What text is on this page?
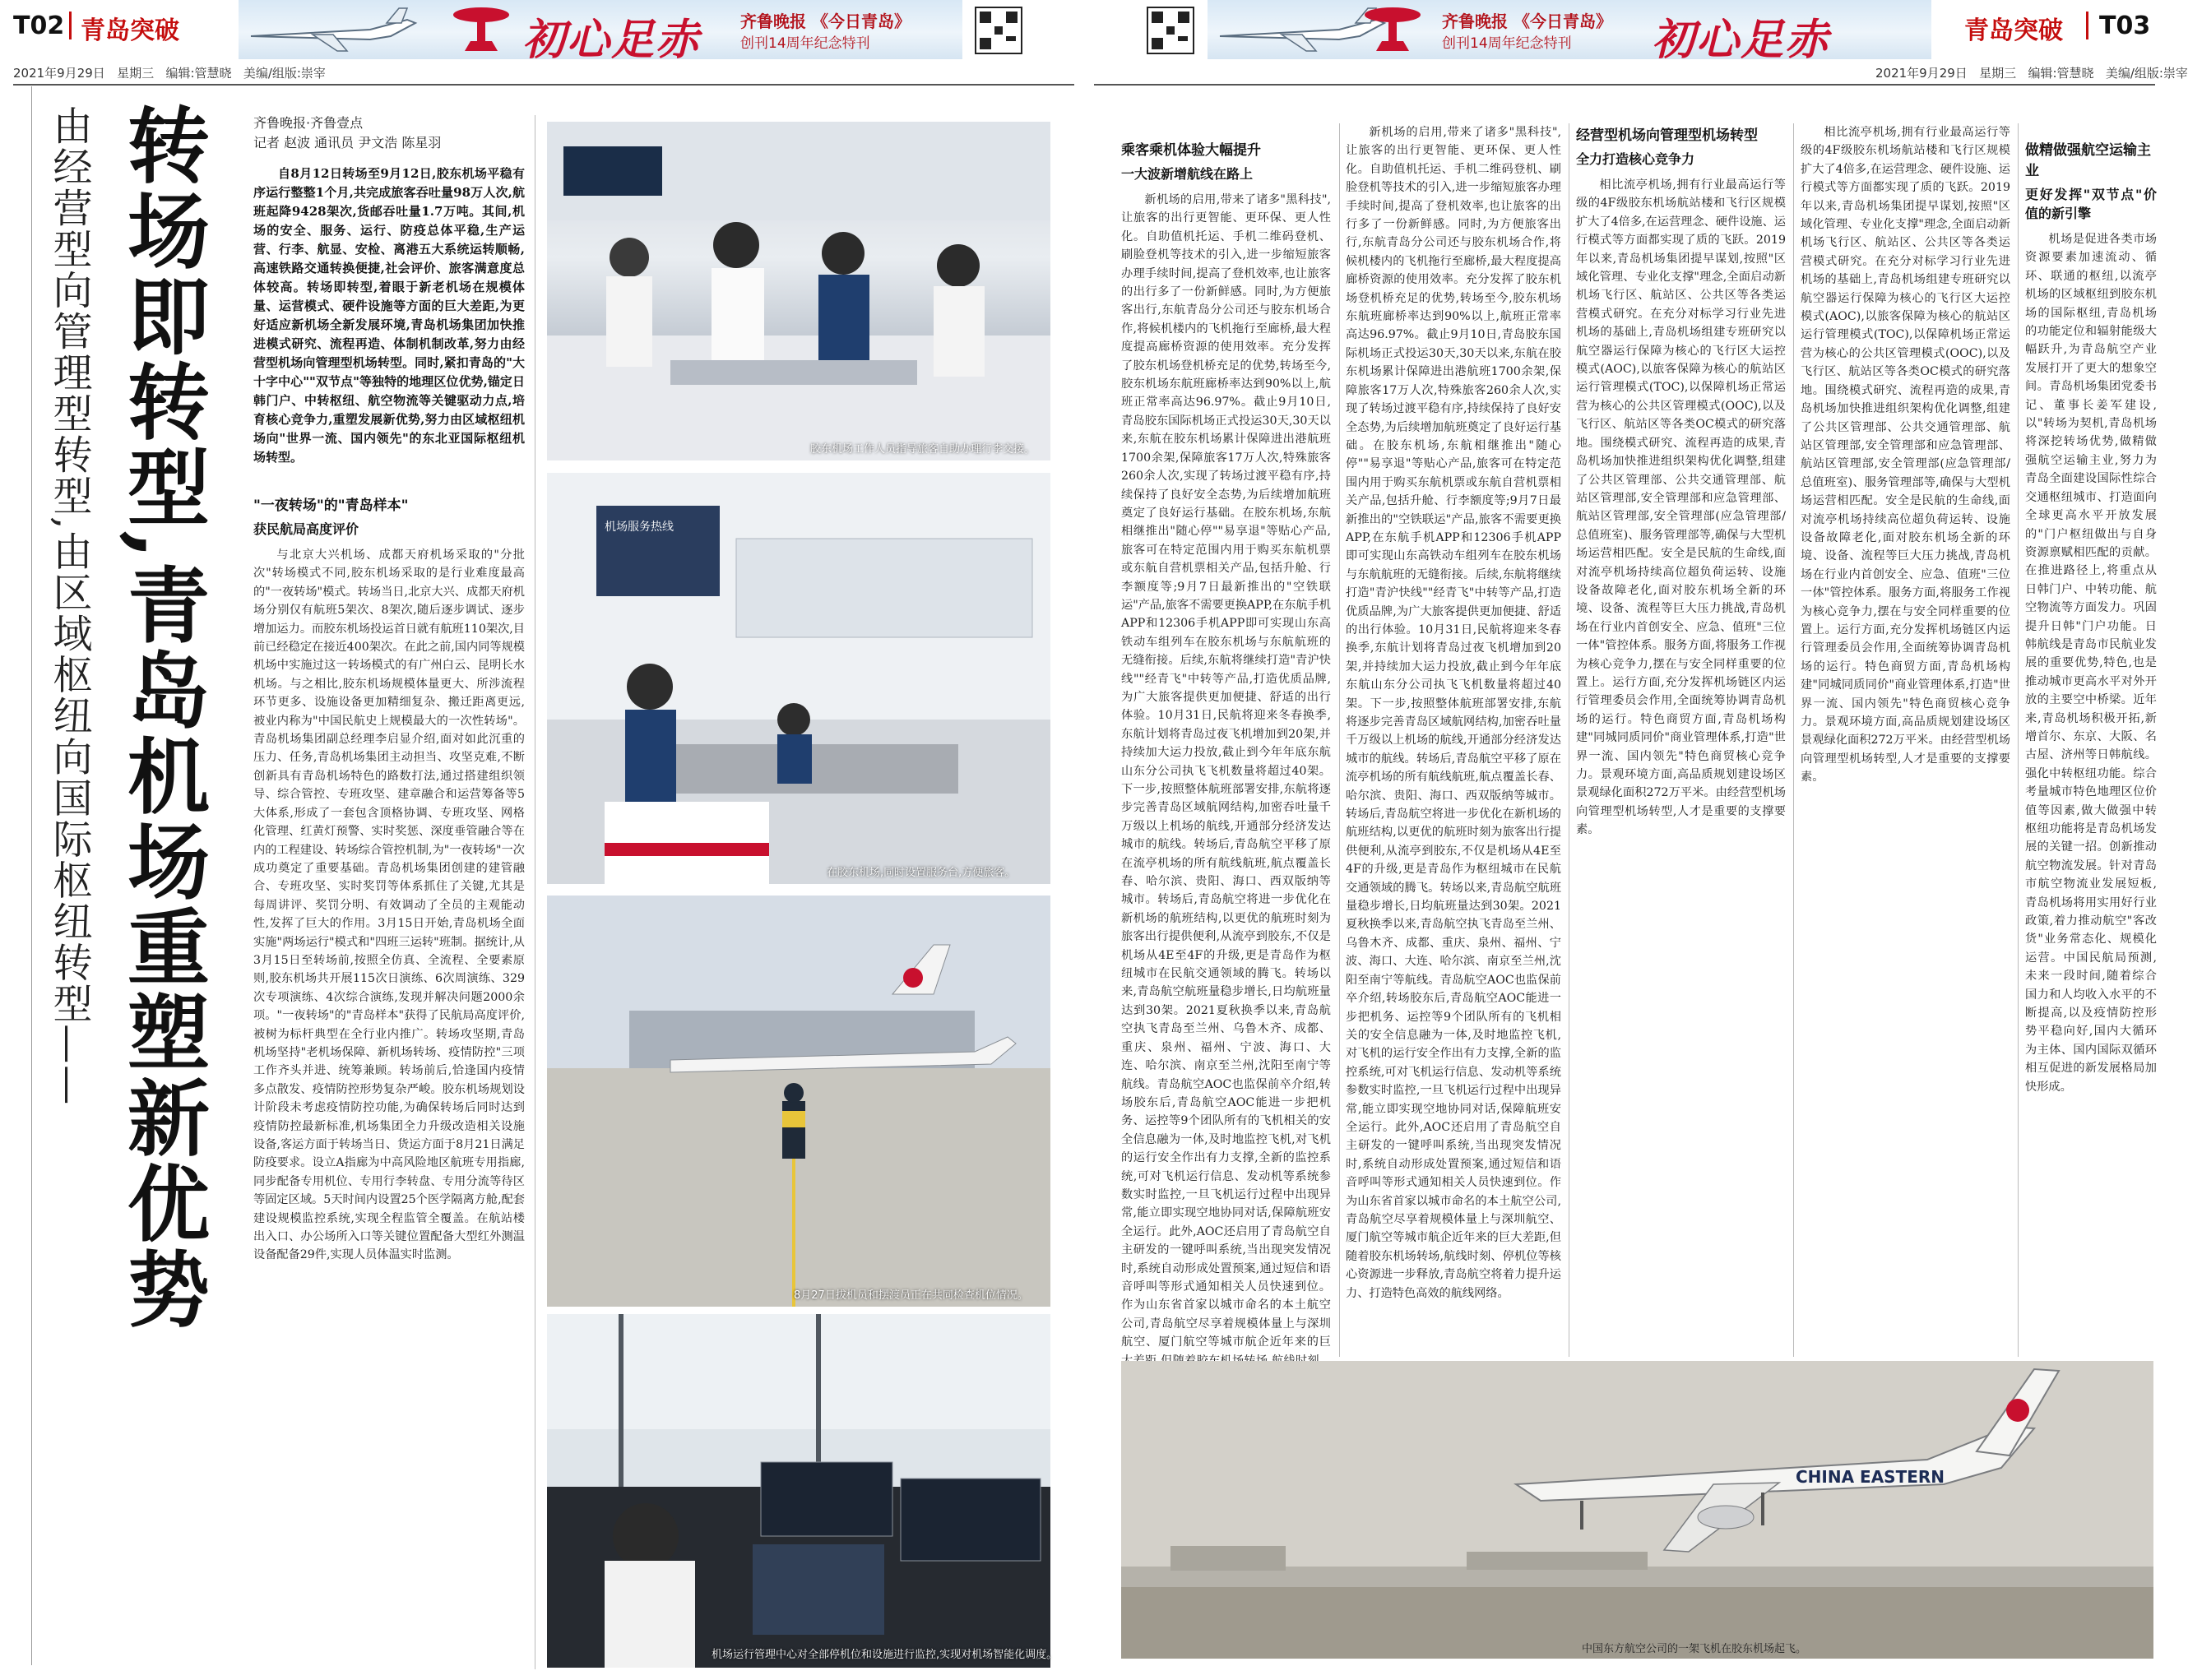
T02 青岛突破	初心足赤 齐鲁晚报 《今日青岛》
创刊14周年纪念特刊
2021年9月29日 星期三 编辑:管慧晓 美编/组版:崇宰
齐鲁晚报 《今日青岛》
创刊14周年纪念特刊 初心足赤	青岛突破 T03
2021年9月29日 星期三 编辑:管慧晓 美编/组版:崇宰
由经营型向管理型转型,由区域枢纽向国际枢纽转型—— 转场即转型,青岛机场重塑新优势	齐鲁晚报·齐鲁壹点
记者 赵波 通讯员 尹文浩 陈星羽

自8月12日转场至9月12日,胶东机场平稳有序运行整整1个月,共完成旅客吞吐量98万人次,航班起降9428架次,货邮吞吐量1.7万吨。其间,机场的安全、服务、运行、防疫总体平稳,生产运营、行李、航显、安检、离港五大系统运转顺畅,高速铁路交通转换便捷,社会评价、旅客满意度总体较高。转场即转型,着眼于新老机场在规模体量、运营模式、硬件设施等方面的巨大差距,为更好适应新机场全新发展环境,青岛机场集团加快推进模式研究、流程再造、体制机制改革,努力由经营型机场向管理型机场转型。同时,紧扣青岛的"大十字中心""双节点"等独特的地理区位优势,锚定日韩门户、中转枢纽、航空物流等关键驱动力点,培育核心竞争力,重塑发展新优势,努力由区域枢纽机场向"世界一流、国内领先"的东北亚国际枢纽机场转型。

"一夜转场"的"青岛样本"
获民航局高度评价

与北京大兴机场、成都天府机场采取的"分批次"转场模式不同,胶东机场采取的是行业难度最高的"一夜转场"模式。转场当日,北京大兴、成都天府机场分别仅有航班5架次、8架次,随后逐步调试、逐步增加运力。而胶东机场投运首日就有航班110架次,目前已经稳定在接近400架次。在此之前,国内同等规模机场中实施过这一转场模式的有广州白云、昆明长水机场。与之相比,胶东机场规模体量更大、所涉流程环节更多、设施设备更加精细复杂、搬迁距离更远,被业内称为"中国民航史上规模最大的一次性转场"。青岛机场集团副总经理李启显介绍,面对如此沉重的压力、任务,青岛机场集团主动担当、攻坚克难,不断创新具有青岛机场特色的路数打法,通过搭建组织领导、综合管控、专班攻坚、建章融合和运营筹备等5大体系,形成了一套包含顶格协调、专班攻坚、网格化管理、红黄灯预警、实时奖惩、深度垂管融合等在内的工程建设、转场综合管控机制,为"一夜转场"一次成功奠定了重要基础。青岛机场集团创建的建管融合、专班攻坚、实时奖罚等体系抓住了关键,尤其是每周讲评、奖罚分明、有效调动了全员的主观能动性,发挥了巨大的作用。3月15日开始,青岛机场全面实施"两场运行"模式和"四班三运转"班制。据统计,从3月15日至转场前,按照全仿真、全流程、全要素原则,胶东机场共开展115次日演练、6次周演练、329次专项演练、4次综合演练,发现并解决问题2000余项。"一夜转场"的"青岛样本"获得了民航局高度评价,被树为标杆典型在全行业内推广。转场攻坚期,青岛机场坚持"老机场保障、新机场转场、疫情防控"三项工作齐头并进、统筹兼顾。转场前后,恰逢国内疫情多点散发、疫情防控形势复杂严峻。胶东机场规划设计阶段未考虑疫情防控功能,为确保转场后同时达到疫情防控最新标准,机场集团全力升级改造相关设施设备,客运方面于转场当日、货运方面于8月21日满足防疫要求。设立A指廊为中高风险地区航班专用指廊,同步配备专用机位、专用行李转盘、专用分流等待区等固定区域。5天时间内设置25个医学隔离方舱,配套建设规模监控系统,实现全程监管全覆盖。在航站楼出入口、办公场所入口等关键位置配备大型红外测温设备配备29件,实现人员体温实时监测。

胶东机场工作人员指导旅客自助办理行李交接。
机场服务热线
在胶东机场,同时设置服务台,方便旅客。
8月27日拔机员和摆渡员正在共同检查机位情况。
机场运行管理中心对全部停机位和设施进行监控,实现对机场智能化调度。
乘客乘机体验大幅提升
一大波新增航线在路上

新机场的启用,带来了诸多"黑科技",让旅客的出行更智能、更环保、更人性化。自助值机托运、手机二维码登机、刷脸登机等技术的引入,进一步缩短旅客办理手续时间,提高了登机效率,也让旅客的出行多了一份新鲜感。同时,为方便旅客出行,东航青岛分公司还与胶东机场合作,将候机楼内的飞机拖行至廊桥,最大程度提高廊桥资源的使用效率。充分发挥了胶东机场登机桥充足的优势,转场至今,胶东机场东航班廊桥率达到90%以上,航班正常率高达96.97%。截止9月10日,青岛胶东国际机场正式投运30天,30天以来,东航在胶东机场累计保障进出港航班1700余架,保障旅客17万人次,特殊旅客260余人次,实现了转场过渡平稳有序,持续保持了良好安全态势,为后续增加航班奠定了良好运行基础。在胶东机场,东航相继推出"随心停""易享退"等贴心产品,旅客可在特定范围内用于购买东航机票或东航自营机票相关产品,包括升舱、行李额度等;9月7日最新推出的"空铁联运"产品,旅客不需要更换APP,在东航手机APP和12306手机APP即可实现山东高铁动车组列车在胶东机场与东航航班的无缝衔接。后续,东航将继续打造"青沪快线""经青飞"中转等产品,打造优质品牌,为广大旅客提供更加便捷、舒适的出行体验。10月31日,民航将迎来冬春换季,东航计划将青岛过夜飞机增加到20架,并持续加大运力投放,截止到今年年底东航山东分公司执飞飞机数量将超过40架。下一步,按照整体航班部署安排,东航将逐步完善青岛区域航网结构,加密吞吐量千万级以上机场的航线,开通部分经济发达城市的航线。转场后,青岛航空平移了原在流亭机场的所有航线航班,航点覆盖长春、哈尔滨、贵阳、海口、西双版纳等城市。转场后,青岛航空将进一步优化在新机场的航班结构,以更优的航班时刻为旅客出行提供便利,从流亭到胶东,不仅是机场从4E至4F的升级,更是青岛作为枢纽城市在民航交通领域的腾飞。转场以来,青岛航空航班量稳步增长,日均航班量达到30架。2021夏秋换季以来,青岛航空执飞青岛至兰州、乌鲁木齐、成都、重庆、泉州、福州、宁波、海口、大连、哈尔滨、南京至兰州,沈阳至南宁等航线。青岛航空AOC也监保前卒介绍,转场胶东后,青岛航空AOC能进一步把机务、运控等9个团队所有的飞机相关的安全信息融为一体,及时地监控飞机,对飞机的运行安全作出有力支撑,全新的监控系统,可对飞机运行信息、发动机等系统参数实时监控,一旦飞机运行过程中出现异常,能立即实现空地协同对话,保障航班安全运行。此外,AOC还启用了青岛航空自主研发的一键呼叫系统,当出现突发情况时,系统自动形成处置预案,通过短信和语音呼叫等形式通知相关人员快速到位。作为山东省首家以城市命名的本土航空公司,青岛航空尽享着规模体量上与深圳航空、厦门航空等城市航企近年来的巨

新机场的启用,带来了诸多"黑科技",让旅客的出行更智能、更环保、更人性化。自助值机托运、手机二维码登机、刷脸登机等技术的引入,进一步缩短旅客办理手续时间,提高了登机效率,也让旅客的出行多了一份新鲜感。同时,为方便旅客出行,东航青岛分公司还与胶东机场合作,将候机楼内的飞机拖行至廊桥,最大程度提高廊桥资源的使用效率。充分发挥了胶东机场登机桥充足的优势,转场至今,胶东机场东航班廊桥率达到90%以上,航班正常率高达96.97%。截止9月10日,青岛胶东国际机场正式投运30天,30天以来,东航在胶东机场累计保障进出港航班1700余架,保障旅客17万人次,特殊旅客260余人次,实现了转场过渡平稳有序,持续保持了良好安全态势,为后续增加航班奠定了良好运行基础。在胶东机场,东航相继推出"随心停""易享退"等贴心产品,旅客可在特定范围内用于购买东航机票或东航自营机票相关产品,包括升舱、行李额度等;9月7日最新推出的"空铁联运"产品,旅客不需要更换APP,在东航手机APP和12306手机APP即可实现山东高铁动车组列车在胶东机场与东航航班的无缝衔接。后续,东航将继续打造"青沪快线""经青飞"中转等产品,打造优质品牌,为广大旅客提供更加便捷、舒适的出行体验。10月31日,民航将迎来冬春换季,东航计划将青岛过夜飞机增加到20架,并持续加大运力投放,截止到今年年底东航山东分公司执飞飞机数量将超过40架。下一步,按照整体航班部署安排,东航将逐步完善青岛区域航网结构,加密吞吐量千万级以上机场的航线,开通部分经济发达城市的航线。转场后,青岛航空平移了原在流亭机场的所有航线航班,航点覆盖长春、哈尔滨、贵阳、海口、西双版纳等城市。转场后,青岛航空将进一步优化在新机场的航班结构,以更优的航班时刻为旅客出行提供便利,从流亭到胶东,不仅是机场从4E至4F的升级,更是青岛作为枢纽城市在民航交通领域的腾飞。转场以来,青岛航空航班量稳步增长,日均航班量达到30架。2021夏秋换季以来,青岛航空执飞青岛至兰州、乌鲁木齐、成都、重庆、泉州、福州、宁波、海口、大连、哈尔滨、南京至兰州,沈阳至南宁等航线。青岛航空AOC也监保前卒介绍,转场胶东后,青岛航空AOC能进一步把机务、运控等9个团队所有的飞机相关的安全信息融为一体,及时地监控飞机,对飞机的运行安全作出有力支撑,全新的监控系统,可对飞机运行信息、发动机等系统参数实时监控,一旦飞机运行过程中出现异常,能立即实现空地协同对话,保障航班安全运行。此外,AOC还启用了青岛航空自主研发的一键呼叫系统,当出现突发情况时,系统自动形成处置预案,通过短信和语音呼叫等形式通知相关人员快速到位。作为山东省首家以城市命名的本土航空公司,青岛航空尽享着规模体量上与深圳航空、厦门航空等城市航企近年来的巨大差距,但随着胶东机场转场,航线时刻、停机位等核心资源进一步释放,青岛航空将着力提升运力、打造特色高效的航线网络。

经营型机场向管理型机场转型
全力打造核心竞争力

相比流亭机场,拥有行业最高运行等级的4F级胶东机场航站楼和飞行区规模扩大了4倍多,在运营理念、硬件设施、运行模式等方面都实现了质的飞跃。2019年以来,青岛机场集团提早谋划,按照"区域化管理、专业化支撑"理念,全面启动新机场飞行区、航站区、公共区等各类运营模式研究。在充分对标学习行业先进机场的基础上,青岛机场组建专班研究以航空器运行保障为核心的飞行区大运控模式(AOC),以旅客保障为核心的航站区运行管理模式(TOC),以保障机场正常运营为核心的公共区管理模式(OOC),以及飞行区、航站区等各类OC模式的研究落地。围绕模式研究、流程再造的成果,青岛机场加快推进组织架构优化调整,组建了公共区管理部、公共交通管理部、航站区管理部,安全管理部和应急管理部、航站区管理部,安全管理部(应急管理部/总值班室)、服务管理部等,确保与大型机场运营相匹配。安全是民航的生命线,面对流亭机场持续高位超负荷运转、设施设备故障老化,面对胶东机场全新的环境、设备、流程等巨大压力挑战,青岛机场在行业内首创安全、应急、值班"三位一体"管控体系。服务方面,将服务工作视为核心竞争力,摆在与安全同样重要的位置上。运行方面,充分发挥机场链区内运行管理委员会作用,全面统筹协调青岛机场的运行。特色商贸方面,青岛机场构建"同城同质同价"商业管理体系,打造"世界一流、国内领先"特色商贸核心竞争力。景观环境方面,高品质规划建设场区景观绿化面积272万平米。由经营型机场向管理型机场转型,人才是重要的支撑要素。

相比流亭机场,拥有行业最高运行等级的4F级胶东机场航站楼和飞行区规模扩大了4倍多,在运营理念、硬件设施、运行模式等方面都实现了质的飞跃。2019年以来,青岛机场集团提早谋划,按照"区域化管理、专业化支撑"理念,全面启动新机场飞行区、航站区、公共区等各类运营模式研究。在充分对标学习行业先进机场的基础上,青岛机场组建专班研究以航空器运行保障为核心的飞行区大运控模式(AOC),以旅客保障为核心的航站区运行管理模式(TOC),以保障机场正常运营为核心的公共区管理模式(OOC),以及飞行区、航站区等各类OC模式的研究落地。围绕模式研究、流程再造的成果,青岛机场加快推进组织架构优化调整,组建了公共区管理部、公共交通管理部、航站区管理部,安全管理部和应急管理部、航站区管理部,安全管理部(应急管理部/总值班室)、服务管理部等,确保与大型机场运营相匹配。安全是民航的生命线,面对流亭机场持续高位超负荷运转、设施设备故障老化,面对胶东机场全新的环境、设备、流程等巨大压力挑战,青岛机场在行业内首创安全、应急、值班"三位一体"管控体系。服务方面,将服务工作视为核心竞争力,摆在与安全同样重要的位置上。运行方面,充分发挥机场链区内运行管理委员会作用,全面统筹协调青岛机场的运行。特色商贸方面,青岛机场构建"同城同质同价"商业管理体系,打造"世界一流、国内领先"特色商贸核心竞争力。景观环境方面,高品质规划建设场区景观绿化面积272万平米。由经营型机场向管理型机场转型,人才是重要的支撑要素。

做精做强航空运输主业
更好发挥"双节点"价值的新引擎

机场是促进各类市场资源要素加速流动、循环、联通的枢纽,以流亭机场的区域枢纽到胶东机场的国际枢纽,青岛机场的功能定位和辐射能级大幅跃升,为青岛航空产业发展打开了更大的想象空间。青岛机场集团党委书记、董事长姜军建设,以"转场为契机,青岛机场将深挖转场优势,做精做强航空运输主业,努力为青岛全面建设国际性综合交通枢纽城市、打造面向全球更高水平开放发展的"门户枢纽做出与自身资源禀赋相匹配的贡献。在推进路径上,将重点从日韩门户、中转功能、航空物流等方面发力。巩固提升日韩"门户功能。日韩航线是青岛市民航业发展的重要优势,特色,也是推动城市更高水平对外开放的主要空中桥梁。近年来,青岛机场积极开拓,新增首尔、东京、大阪、名古屋、济州等日韩航线。强化中转枢纽功能。综合考量城市特色地理区位价值等因素,做大做强中转枢纽功能将是青岛机场发展的关键一招。创新推动航空物流发展。针对青岛市航空物流业发展短板,青岛机场将用实用好行业政策,着力推动航空"客改货"业务常态化、规模化运营。中国民航局预测,未来一段时间,随着综合国力和人均收入水平的不断提高,以及疫情防控形势平稳向好,国内大循环为主体、国内国际双循环相互促进的新发展格局加快形成。

CHINA EASTERN
中国东方航空公司的一架飞机在胶东机场起飞。
